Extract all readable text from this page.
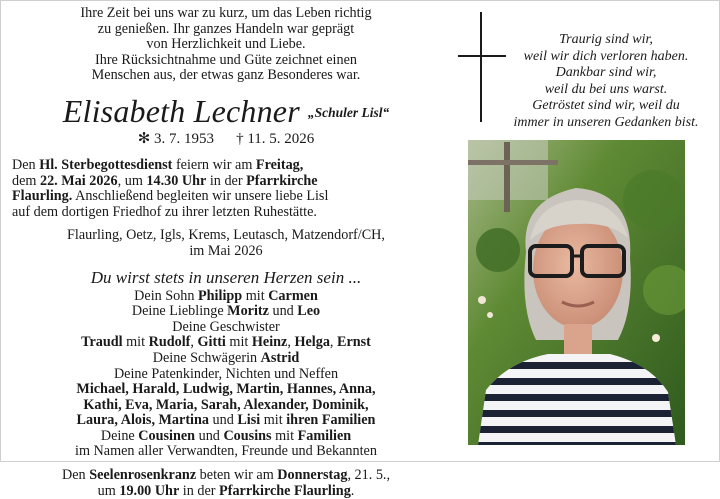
Ihre Zeit bei uns war zu kurz, um das Leben richtig
zu genießen. Ihr ganzes Handeln war geprägt
von Herzlichkeit und Liebe.
Ihre Rücksichtnahme und Güte zeichnet einen
Menschen aus, der etwas ganz Besonderes war.
Elisabeth Lechner „Schuler Lisl“
✻ 3. 7. 1953 † 11. 5. 2026
Den Hl. Sterbegottesdienst feiern wir am Freitag,
dem 22. Mai 2026, um 14.30 Uhr in der Pfarrkirche
Flaurling. Anschließend begleiten wir unsere liebe Lisl
auf dem dortigen Friedhof zu ihrer letzten Ruhestätte.
Flaurling, Oetz, Igls, Krems, Leutasch, Matzendorf/CH,
im Mai 2026
Du wirst stets in unseren Herzen sein ...
Dein Sohn Philipp mit Carmen
Deine Lieblinge Moritz und Leo
Deine Geschwister
Traudl mit Rudolf, Gitti mit Heinz, Helga, Ernst
Deine Schwägerin Astrid
Deine Patenkinder, Nichten und Neffen
Michael, Harald, Ludwig, Martin, Hannes, Anna,
Kathi, Eva, Maria, Sarah, Alexander, Dominik,
Laura, Alois, Martina und Lisi mit ihren Familien
Deine Cousinen und Cousins mit Familien
im Namen aller Verwandten, Freunde und Bekannten
Den Seelenrosenkranz beten wir am Donnerstag, 21. 5.,
um 19.00 Uhr in der Pfarrkirche Flaurling.
Traurig sind wir,
weil wir dich verloren haben.
Dankbar sind wir,
weil du bei uns warst.
Getröstet sind wir, weil du
immer in unseren Gedanken bist.
